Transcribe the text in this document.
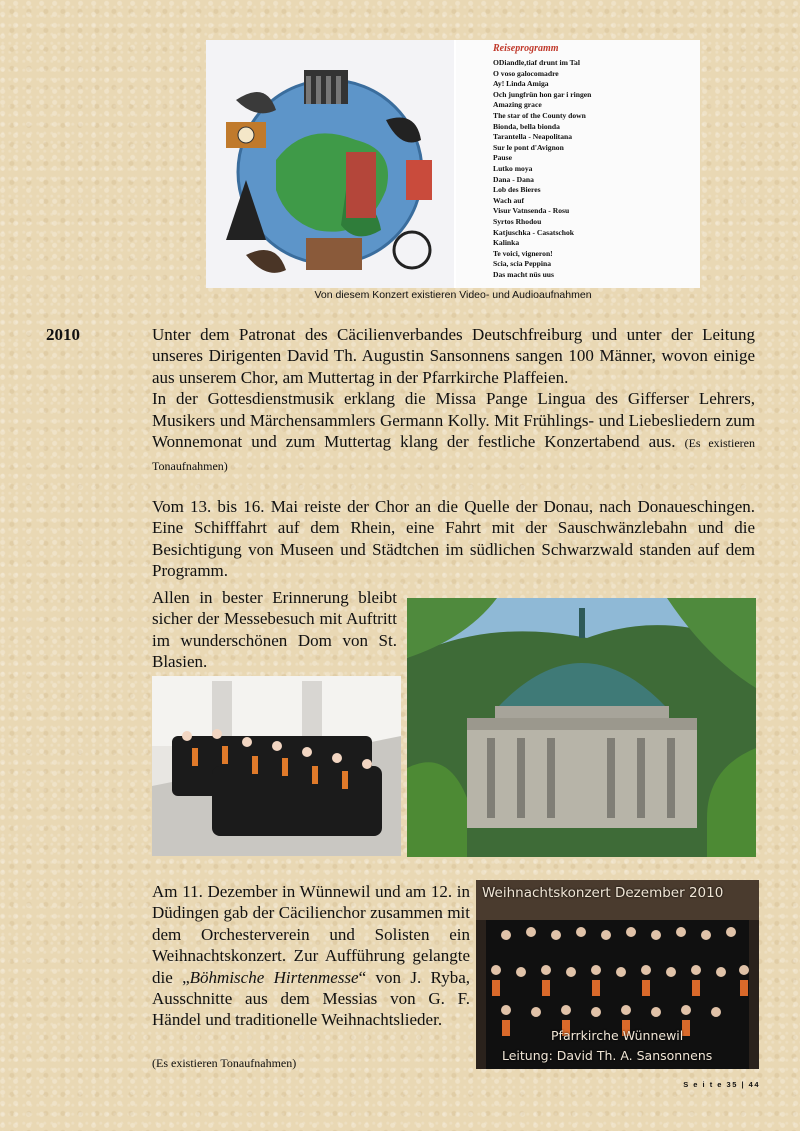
Reiseprogramm

ODiandle,tiaf drunt im Tal
O voso galocomadre
Ay! Linda Amiga
Och jungfrün hon gar i ringen
Amazing grace
The star of the County down
Bionda, bella bionda
Tarantella - Neapolitana
Sur le pont d'Avignon
Pause
Lutko moya
Dana - Dana
Lob des Bieres
Wach auf
Visur Vatnsenda - Rosu
Syrtos Rhodou
Katjuschka - Casatschok
Kalinka
Te voici, vigneron!
Scia, scia Peppina
Das macht nüs uus
Von diesem Konzert existieren Video- und Audioaufnahmen
2010	Unter dem Patronat des Cäcilienverbandes Deutschfreiburg und unter der Leitung unseres Dirigenten David Th. Augustin Sansonnens sangen 100 Männer, wovon einige aus unserem Chor, am Muttertag in der Pfarrkirche Plaffeien.
In der Gottesdienstmusik erklang die Missa Pange Lingua des Gifferser Lehrers, Musikers und Märchensammlers Germann Kolly. Mit Frühlings- und Liebesliedern zum Wonnemonat und zum Muttertag klang der festliche Konzertabend aus. (Es existieren Tonaufnahmen)

Vom 13. bis 16. Mai reiste der Chor an die Quelle der Donau, nach Donaueschingen. Eine Schifffahrt auf dem Rhein, eine Fahrt mit der Sauschwänzlebahn und die Besichtigung von Museen und Städtchen im südlichen Schwarzwald standen auf dem Programm.

Allen in bester Erinnerung bleibt sicher der Messebesuch mit Auftritt im wunderschönen Dom von St. Blasien.

Am 11. Dezember in Wünnewil und am 12. in Düdingen gab der Cäcilienchor zusammen mit dem Orchesterverein und Solisten ein Weihnachtskonzert. Zur Aufführung gelangte die „Böhmische Hirtenmesse“ von J. Ryba, Ausschnitte aus dem Messias von G. F. Händel und traditionelle Weihnachtslieder.

(Es existieren Tonaufnahmen)
Weihnachtskonzert Dezember 2010
Pfarrkirche Wünnewil
Leitung: David Th. A. Sansonnens
S e i t e 35 | 44
